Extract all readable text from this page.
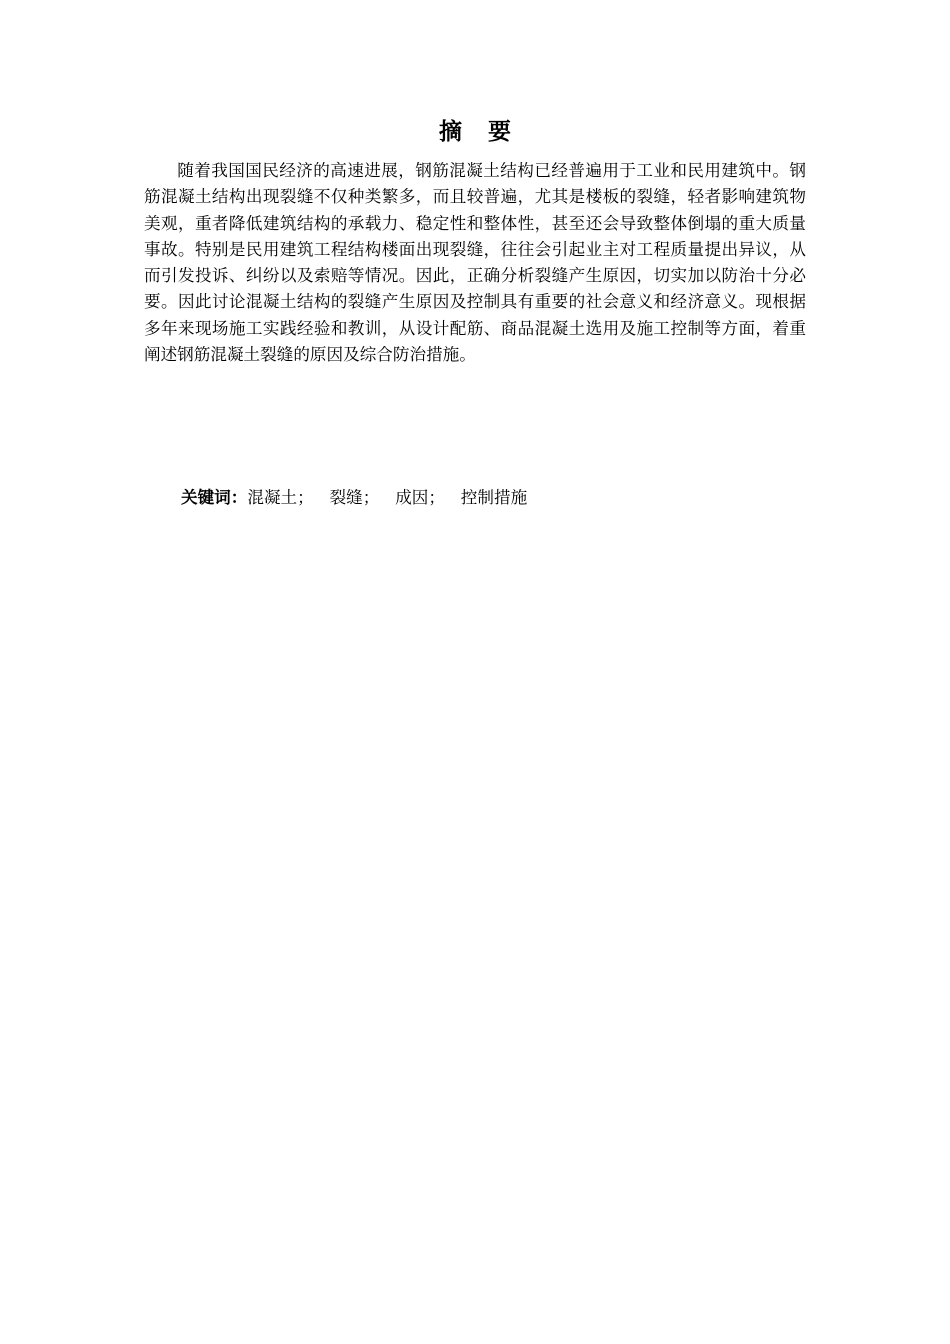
摘 要

随着我国国民经济的高速进展，钢筋混凝土结构已经普遍用于工业和民用建筑中。钢筋混凝土结构出现裂缝不仅种类繁多，而且较普遍，尤其是楼板的裂缝，轻者影响建筑物美观，重者降低建筑结构的承载力、稳定性和整体性，甚至还会导致整体倒塌的重大质量事故。特别是民用建筑工程结构楼面出现裂缝，往往会引起业主对工程质量提出异议，从而引发投诉、纠纷以及索赔等情况。因此，正确分析裂缝产生原因，切实加以防治十分必要。因此讨论混凝土结构的裂缝产生原因及控制具有重要的社会意义和经济意义。现根据多年来现场施工实践经验和教训，从设计配筋、商品混凝土选用及施工控制等方面，着重阐述钢筋混凝土裂缝的原因及综合防治措施。

关键词：混凝土； 裂缝； 成因； 控制措施
